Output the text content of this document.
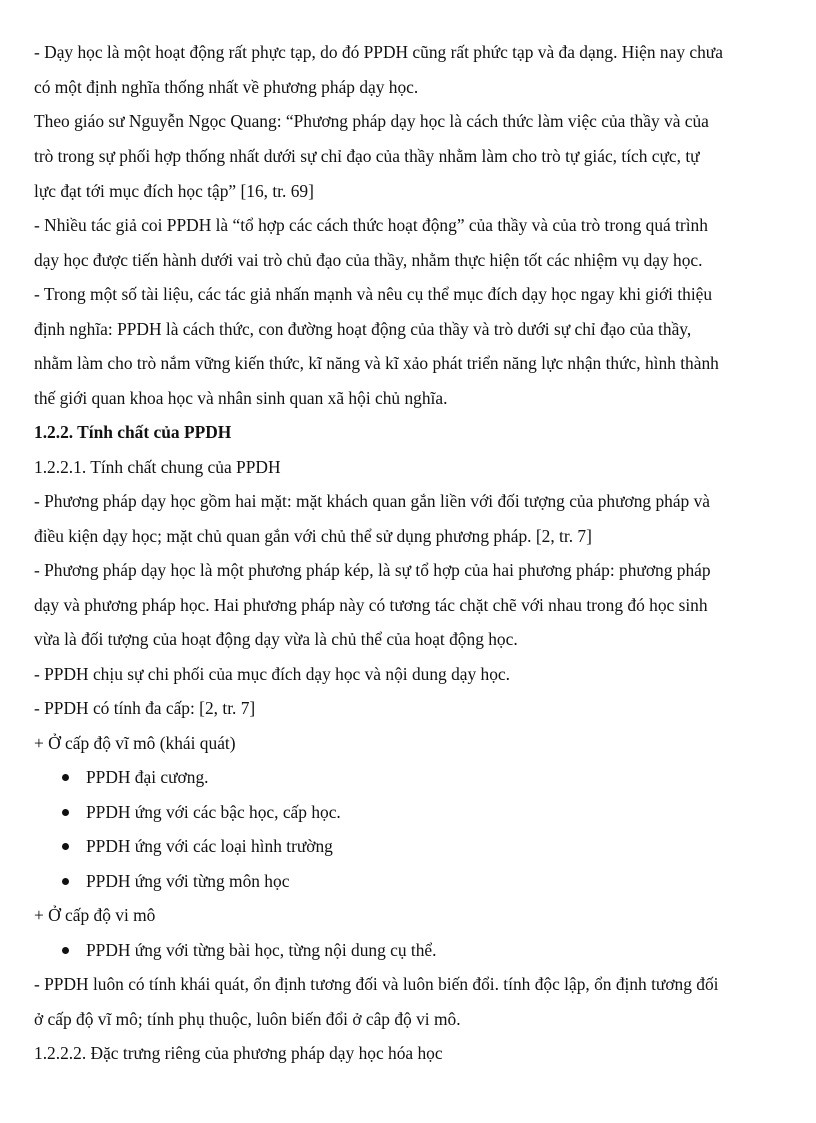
- Dạy học là một hoạt động rất phực tạp, do đó PPDH cũng rất phức tạp và đa dạng. Hiện nay chưa
có một định nghĩa thống nhất về phương pháp dạy học.
Theo giáo sư Nguyễn Ngọc Quang: “Phương pháp dạy học là cách thức làm việc của thầy và của
trò trong sự phối hợp thống nhất dưới sự chỉ đạo của thầy nhằm làm cho trò tự giác, tích cực, tự
lực đạt tới mục đích học tập” [16, tr. 69]
- Nhiều tác giả coi PPDH là “tổ hợp các cách thức hoạt động” của thầy và của trò trong quá trình
dạy học được tiến hành dưới vai trò chủ đạo của thầy, nhằm thực hiện tốt các nhiệm vụ dạy học.
- Trong một số tài liệu, các tác giả nhấn mạnh và nêu cụ thể mục đích dạy học ngay khi giới thiệu
định nghĩa: PPDH là cách thức, con đường hoạt động của thầy và trò dưới sự chỉ đạo của thầy,
nhằm làm cho trò nắm vững kiến thức, kĩ năng và kĩ xảo phát triển năng lực nhận thức, hình thành
thế giới quan khoa học và nhân sinh quan xã hội chủ nghĩa.
1.2.2. Tính chất của PPDH
1.2.2.1. Tính chất chung của PPDH
- Phương pháp dạy học gồm hai mặt: mặt khách quan gắn liền với đối tượng của phương pháp và
điều kiện dạy học; mặt chủ quan gắn với chủ thể sử dụng phương pháp. [2, tr. 7]
- Phương pháp dạy học là một phương pháp kép, là sự tổ hợp của hai phương pháp: phương pháp
dạy và phương pháp học. Hai phương pháp này có tương tác chặt chẽ với nhau trong đó học sinh
vừa là đối tượng của hoạt động dạy vừa là chủ thể của hoạt động học.
- PPDH chịu sự chi phối của mục đích dạy học và nội dung dạy học.
- PPDH có tính đa cấp: [2, tr. 7]
+ Ở cấp độ vĩ mô (khái quát)
PPDH đại cương.
PPDH ứng với các bậc học, cấp học.
PPDH ứng với các loại hình trường
PPDH ứng với từng môn học
+ Ở cấp độ vi mô
PPDH ứng với từng bài học, từng nội dung cụ thể.
- PPDH luôn có tính khái quát, ổn định tương đối và luôn biến đổi. tính độc lập, ổn định tương đối
ở cấp độ vĩ mô; tính phụ thuộc, luôn biến đổi ở câp độ vi mô.
1.2.2.2. Đặc trưng riêng của phương pháp dạy học hóa học
